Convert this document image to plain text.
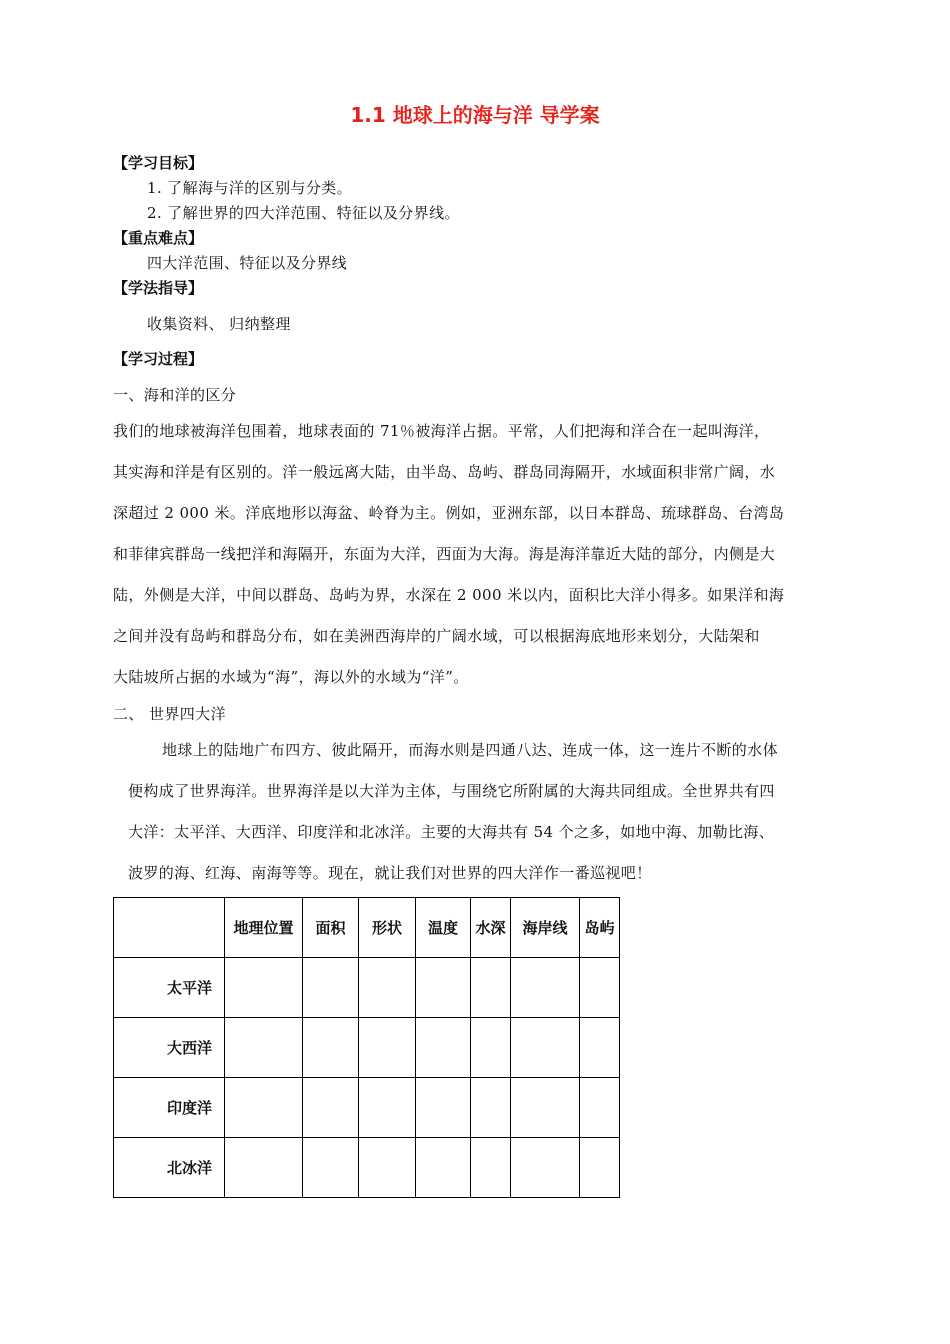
1.1 地球上的海与洋 导学案
【学习目标】
1. 了解海与洋的区别与分类。
2. 了解世界的四大洋范围、特征以及分界线。
【重点难点】
四大洋范围、特征以及分界线
【学法指导】
收集资料、 归纳整理
【学习过程】
一、海和洋的区分
我们的地球被海洋包围着，地球表面的 71％被海洋占据。平常，人们把海和洋合在一起叫海洋，
其实海和洋是有区别的。洋一般远离大陆，由半岛、岛屿、群岛同海隔开，水域面积非常广阔，水
深超过 2 000 米。洋底地形以海盆、岭脊为主。例如，亚洲东部，以日本群岛、琉球群岛、台湾岛
和菲律宾群岛一线把洋和海隔开，东面为大洋，西面为大海。海是海洋靠近大陆的部分，内侧是大
陆，外侧是大洋，中间以群岛、岛屿为界，水深在 2 000 米以内，面积比大洋小得多。如果洋和海
之间并没有岛屿和群岛分布，如在美洲西海岸的广阔水域，可以根据海底地形来划分，大陆架和
大陆坡所占据的水域为“海”，海以外的水域为“洋”。
二、 世界四大洋
地球上的陆地广布四方、彼此隔开，而海水则是四通八达、连成一体，这一连片不断的水体
便构成了世界海洋。世界海洋是以大洋为主体，与围绕它所附属的大海共同组成。全世界共有四
大洋：太平洋、大西洋、印度洋和北冰洋。主要的大海共有 54 个之多，如地中海、加勒比海、
波罗的海、红海、南海等等。现在，就让我们对世界的四大洋作一番巡视吧！
	地理位置	面积	形状	温度	水深	海岸线	岛屿
太平洋							
大西洋							
印度洋							
北冰洋							
